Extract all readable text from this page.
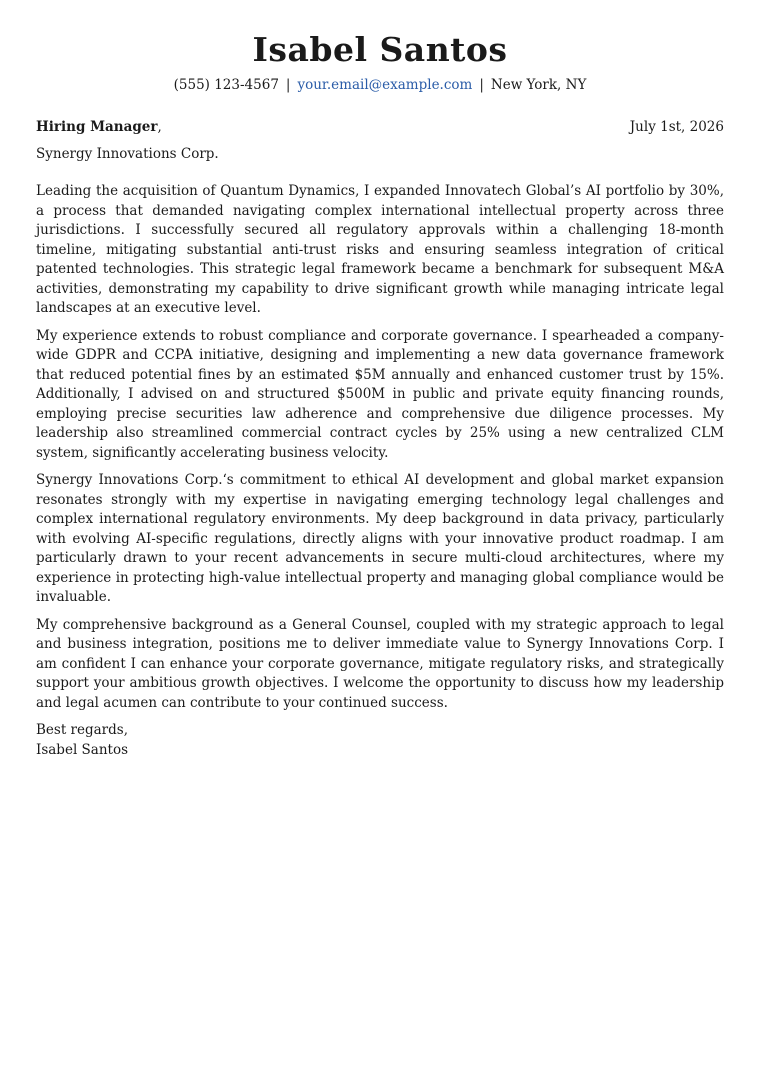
Isabel Santos
(555) 123-4567 | your.email@example.com | New York, NY
Hiring Manager,	July 1st, 2026
Synergy Innovations Corp.

Leading the acquisition of Quantum Dynamics, I expanded Innovatech Global’s AI portfolio by 30%, a process that demanded navigating complex international intellectual property across three jurisdictions. I successfully secured all regulatory approvals within a challenging 18-month timeline, mitigating substantial anti-trust risks and ensuring seamless integration of critical patented technologies. This strategic legal framework became a benchmark for subsequent M&A activities, demonstrating my capability to drive significant growth while managing intricate legal landscapes at an executive level.

My experience extends to robust compliance and corporate governance. I spearheaded a company-wide GDPR and CCPA initiative, designing and implementing a new data governance framework that reduced potential fines by an estimated $5M annually and enhanced customer trust by 15%. Additionally, I advised on and structured $500M in public and private equity financing rounds, employing precise securities law adherence and comprehensive due diligence processes. My leadership also streamlined commercial contract cycles by 25% using a new centralized CLM system, significantly accelerating business velocity.

Synergy Innovations Corp.‘s commitment to ethical AI development and global market expansion resonates strongly with my expertise in navigating emerging technology legal challenges and complex international regulatory environments. My deep background in data privacy, particularly with evolving AI-specific regulations, directly aligns with your innovative product roadmap. I am particularly drawn to your recent advancements in secure multi-cloud architectures, where my experience in protecting high-value intellectual property and managing global compliance would be invaluable.

My comprehensive background as a General Counsel, coupled with my strategic approach to legal and business integration, positions me to deliver immediate value to Synergy Innovations Corp. I am confident I can enhance your corporate governance, mitigate regulatory risks, and strategically support your ambitious growth objectives. I welcome the opportunity to discuss how my leadership and legal acumen can contribute to your continued success.

Best regards,
Isabel Santos
